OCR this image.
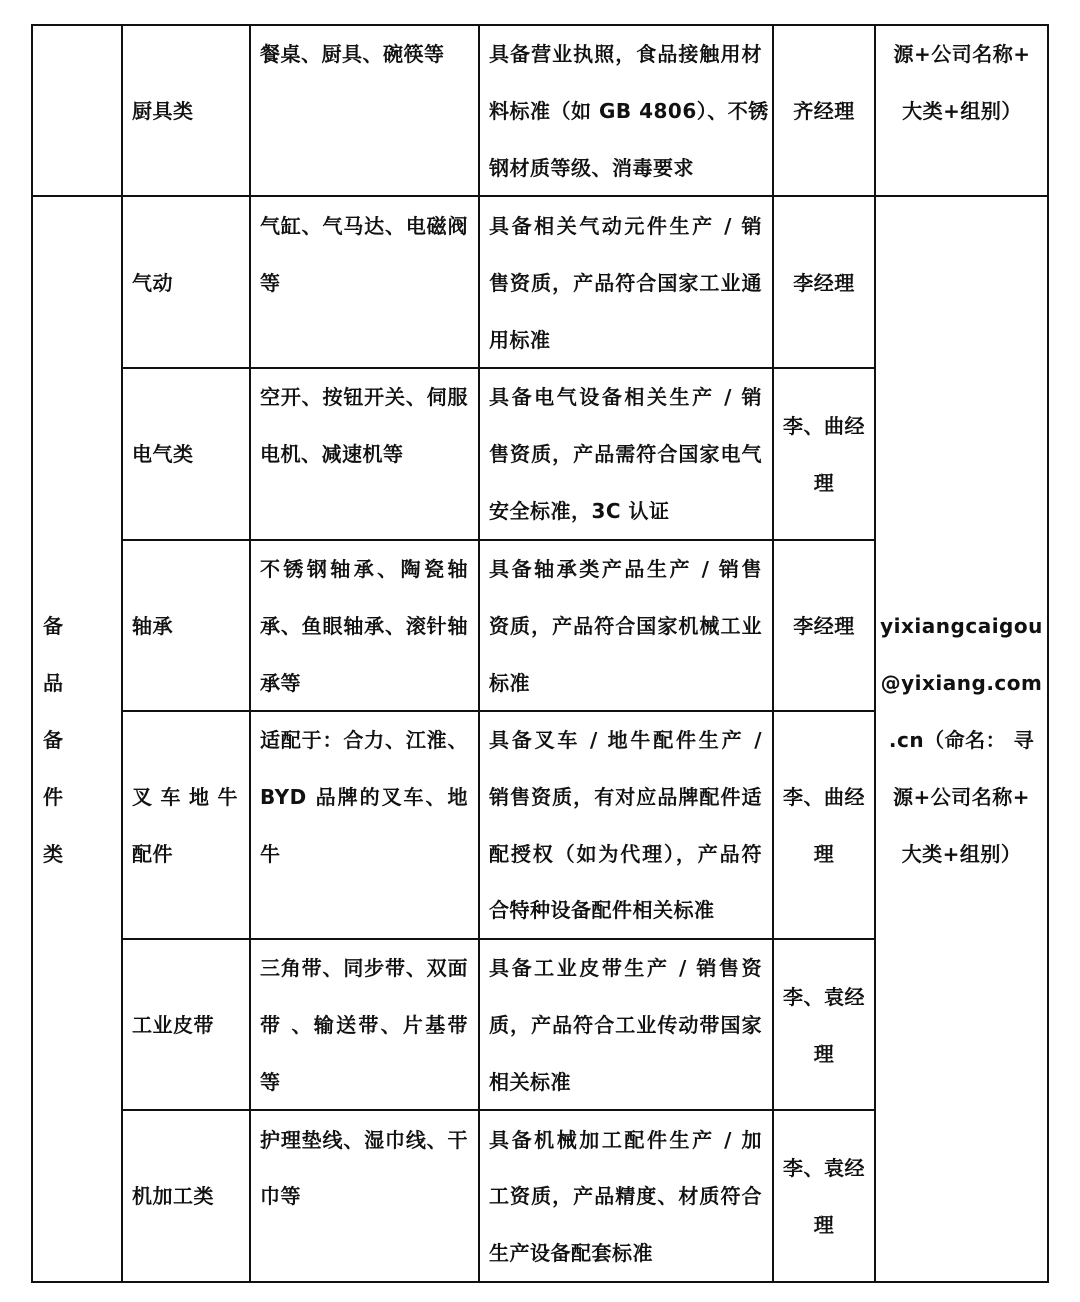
厨具类
餐桌、厨具、碗筷等 具备营业执照，食品接触用材
料标准（如 GB 4806）、不锈
钢材质等级、消毒要求
齐经理
源+公司名称+
大类+组别）
备
品
备
件
类
气动
气缸、气马达、电磁阀
等
具备相关气动元件生产 / 销
售资质，产品符合国家工业通
用标准
李经理
电气类
空开、按钮开关、伺服
电机、减速机等
具备电气设备相关生产 / 销
售资质，产品需符合国家电气
安全标准，3C 认证
李、曲经
理
轴承
不锈钢轴承、陶瓷轴
承、鱼眼轴承、滚针轴
承等
具备轴承类产品生产 / 销售
资质，产品符合国家机械工业
标准
李经理
叉车地牛
配件
适配于：合力、江淮、
BYD 品牌的叉车、地
牛
具备叉车 / 地牛配件生产 /
销售资质，有对应品牌配件适
配授权（如为代理），产品符
合特种设备配件相关标准
李、曲经
理
工业皮带
三角带、同步带、双面
带 、输送带、片基带
等
具备工业皮带生产 / 销售资
质，产品符合工业传动带国家
相关标准
李、袁经
理
机加工类
护理垫线、湿巾线、干
巾等
具备机械加工配件生产 / 加
工资质，产品精度、材质符合
生产设备配套标准
李、袁经
理
yixiangcaigou
@yixiang.com
.cn（命名： 寻
源+公司名称+
大类+组别）
